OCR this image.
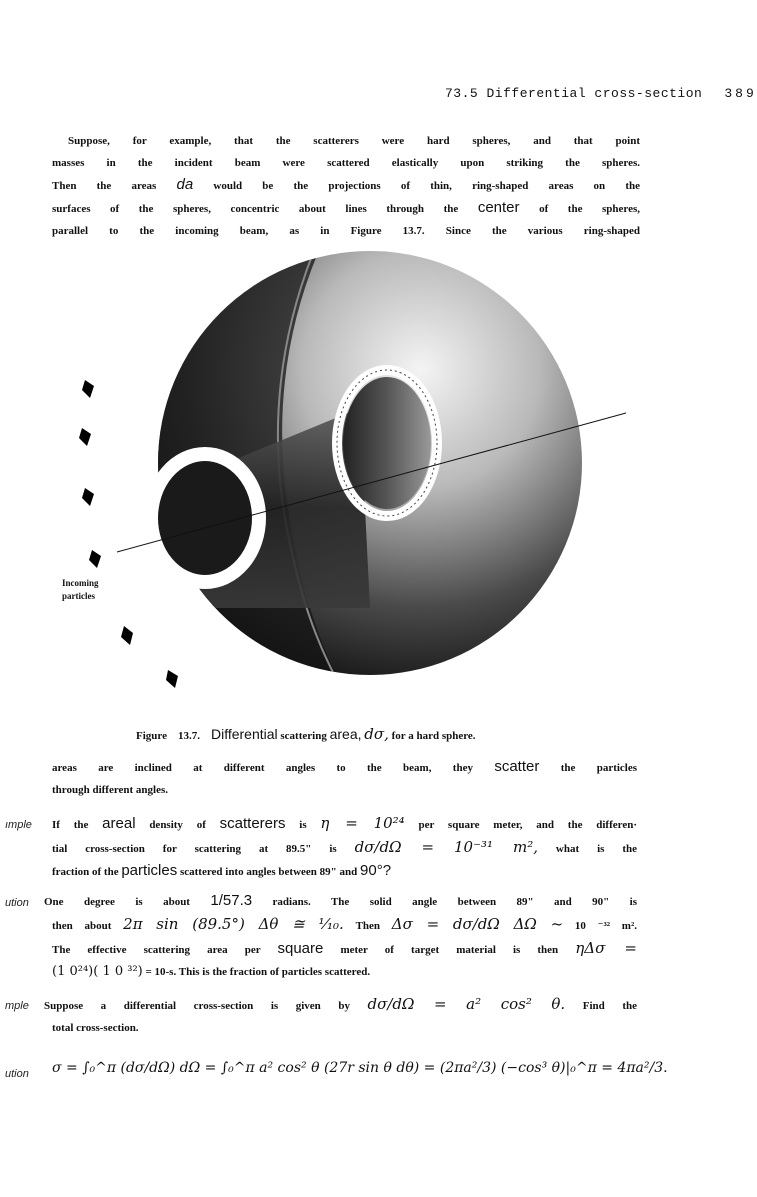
73.5 Differential cross-section 389

Suppose, for example, that the scatterers were hard spheres, and that point

masses in the incident beam were scattered elastically upon striking the spheres.

Then the areas da would be the projections of thin, ring-shaped areas on the

surfaces of the spheres, concentric about lines through the center of the spheres,

parallel to the incoming beam, as in Figure 13.7. Since the various ring-shaped

Incoming
particles
Figure 13.7. Differential scattering area, dσ, for a hard sphere.

areas are inclined at different angles to the beam, they scatter the particles

through different angles.

ımple If the areal density of scatterers is η = 10²⁴ per square meter, and the differen·

tial cross-section for scattering at 89.5" is dσ/dΩ = 10⁻³¹ m², what is the

fraction of the particles scattered into angles between 89" and 90°?

ution One degree is about 1/57.3 radians. The solid angle between 89" and 90" is

then about 2π sin (89.5°) Δθ ≅ ¹⁄₁₀. Then Δσ = dσ/dΩ ΔΩ ~ 10 ⁻³² m².

The effective scattering area per square meter of target material is then ηΔσ =

(1 0²⁴)( 1 0 ³²) = 10-s. This is the fraction of particles scattered.

mple Suppose a differential cross-section is given by dσ/dΩ = a² cos² θ. Find the

total cross-section.

ution σ = ∫₀^π (dσ/dΩ) dΩ = ∫₀^π a² cos² θ (27r sin θ dθ) = (2πa²/3) (−cos³ θ)|₀^π = 4πa²/3.
